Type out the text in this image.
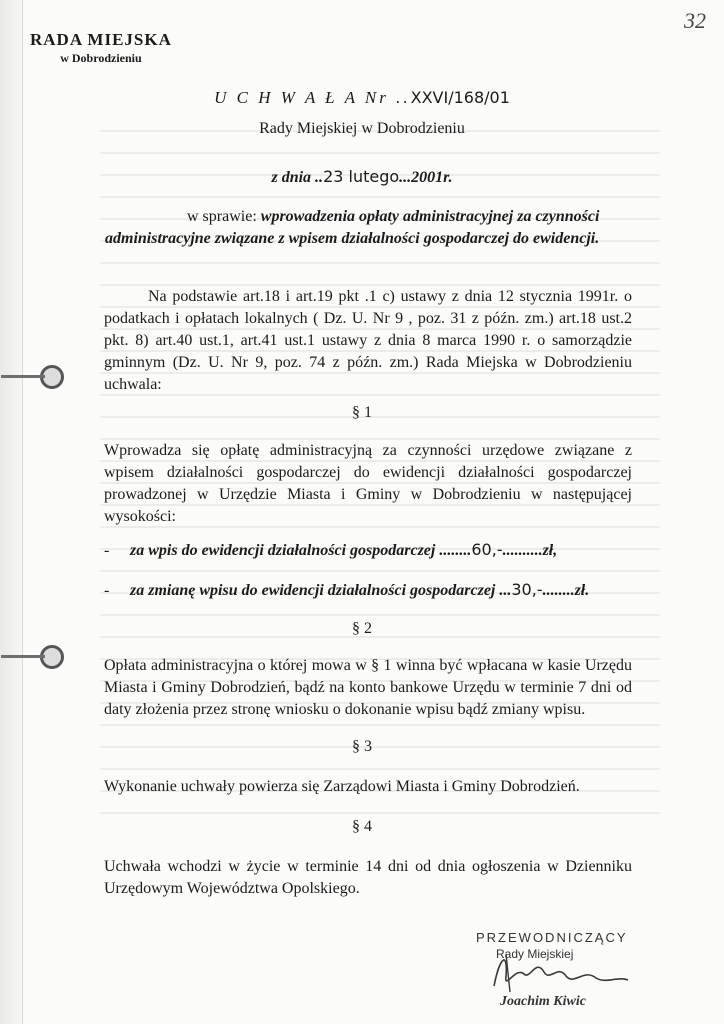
RADA MIEJSKA
w Dobrodzieniu
32
U C H W A Ł A Nr ..XXVI/168/01
Rady Miejskiej w Dobrodzieniu
z dnia ..23 lutego...2001r.
w sprawie: wprowadzenia opłaty administracyjnej za czynności
administracyjne związane z wpisem działalności gospodarczej do ewidencji.
Na podstawie art.18 i art.19 pkt .1 c) ustawy z dnia 12 stycznia 1991r. o podatkach i opłatach lokalnych ( Dz. U. Nr 9 , poz. 31 z późn. zm.) art.18 ust.2 pkt. 8) art.40 ust.1, art.41 ust.1 ustawy z dnia 8 marca 1990 r. o samorządzie gminnym (Dz. U. Nr 9, poz. 74 z późn. zm.) Rada Miejska w Dobrodzieniu uchwala:
§ 1
Wprowadza się opłatę administracyjną za czynności urzędowe związane z wpisem działalności gospodarczej do ewidencji działalności gospodarczej prowadzonej w Urzędzie Miasta i Gminy w Dobrodzieniu w następującej wysokości:
- za wpis do ewidencji działalności gospodarczej ........60,-..........zł,
- za zmianę wpisu do ewidencji działalności gospodarczej ...30,-........zł.
§ 2
Opłata administracyjna o której mowa w § 1 winna być wpłacana w kasie Urzędu Miasta i Gminy Dobrodzień, bądź na konto bankowe Urzędu w terminie 7 dni od daty złożenia przez stronę wniosku o dokonanie wpisu bądź zmiany wpisu.
§ 3
Wykonanie uchwały powierza się Zarządowi Miasta i Gminy Dobrodzień.
§ 4
Uchwała wchodzi w życie w terminie 14 dni od dnia ogłoszenia w Dzienniku Urzędowym Województwa Opolskiego.
PRZEWODNICZĄCY
Rady Miejskiej
Joachim Kiwic
